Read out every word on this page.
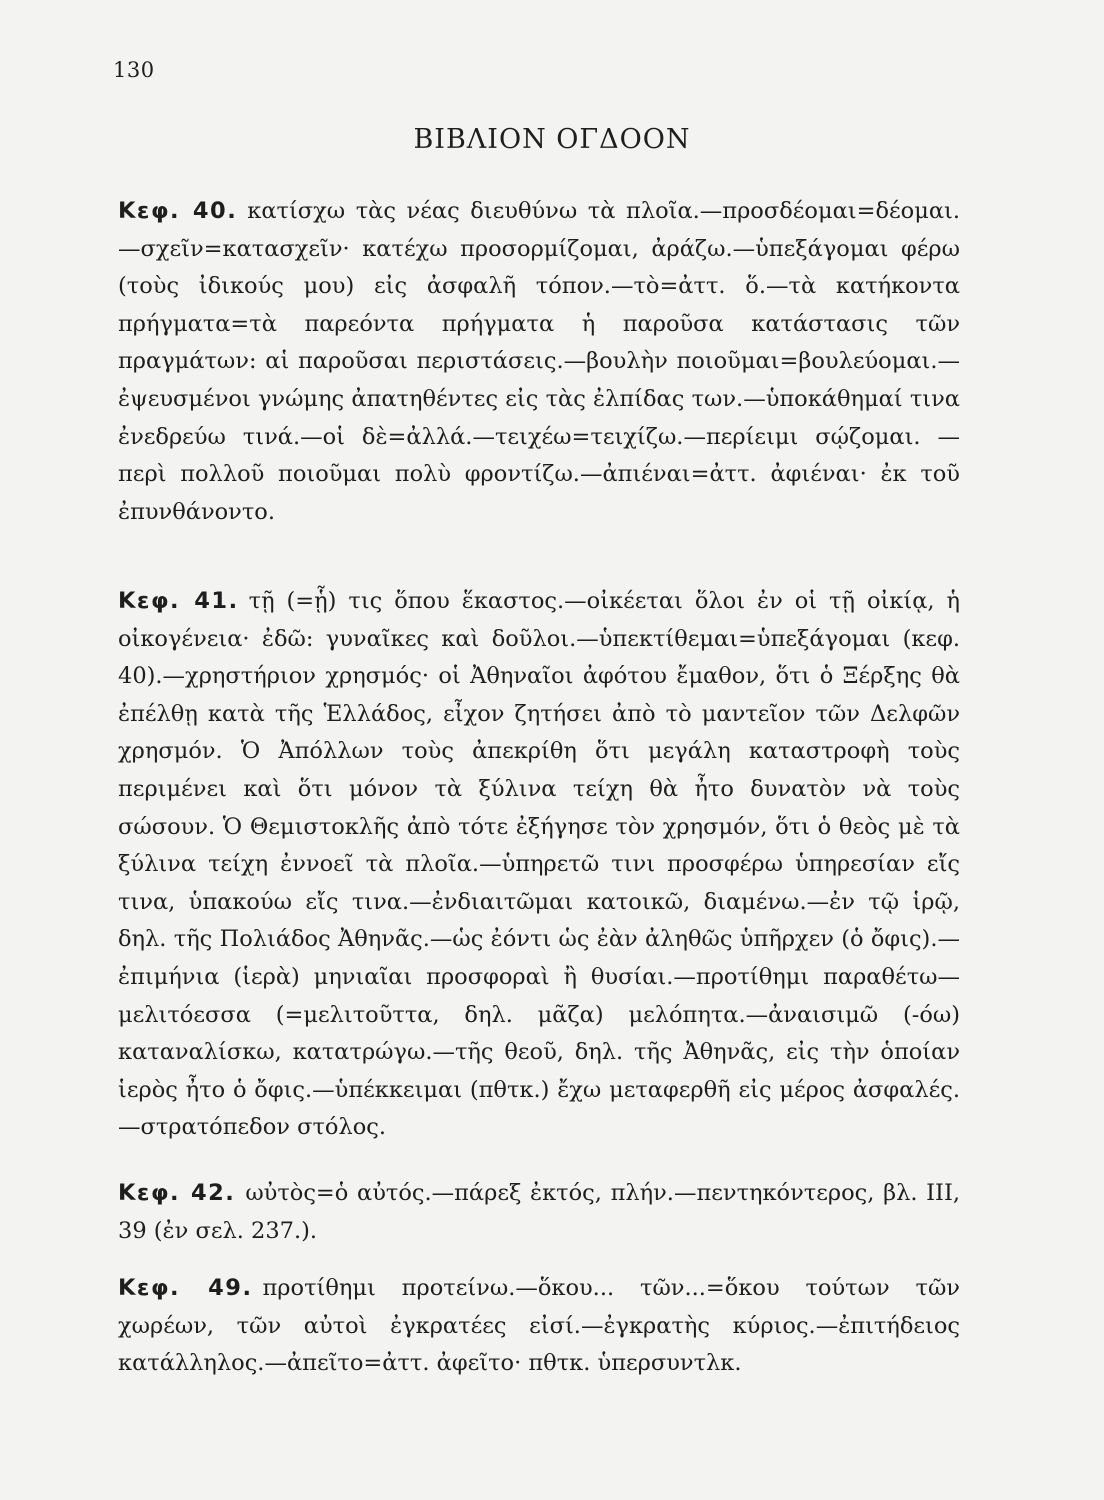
130
ΒΙΒΛΙΟΝ ΟΓΔΟΟΝ
Κεφ. 40. κατίσχω τὰς νέας διευθύνω τὰ πλοῖα.—προσδέομαι=δέομαι.—σχεῖν=κατασχεῖν· κατέχω προσορμίζομαι, ἀράζω.—ὑπεξάγομαι φέρω (τοὺς ἰδικούς μου) εἰς ἀσφαλῆ τόπον.—τὸ=ἀττ. ὅ.—τὰ κατήκοντα πρήγματα=τὰ παρεόντα πρήγματα ἡ παροῦσα κατάστασις τῶν πραγμάτων: αἱ παροῦσαι περιστάσεις.—βουλὴν ποιοῦμαι=βουλεύομαι.—ἐψευσμένοι γνώμης ἀπατηθέντες εἰς τὰς ἐλπίδας των.—ὑποκάθημαί τινα ἐνεδρεύω τινά.—οἱ δὲ=ἀλλά.—τειχέω=τειχίζω.—περίειμι σῴζομαι. — περὶ πολλοῦ ποιοῦμαι πολὺ φροντίζω.—ἀπιέναι=ἀττ. ἀφιέναι· ἐκ τοῦ ἐπυνθάνοντο.
Κεφ. 41. τῇ (=ᾗ) τις ὅπου ἕκαστος.—οἰκέεται ὅλοι ἐν οἱ τῇ οἰκίᾳ, ἡ οἰκογένεια· ἐδῶ: γυναῖκες καὶ δοῦλοι.—ὑπεκτίθεμαι=ὑπεξάγομαι (κεφ. 40).—χρηστήριον χρησμός· οἱ Ἀθηναῖοι ἀφότου ἔμαθον, ὅτι ὁ Ξέρξης θὰ ἐπέλθῃ κατὰ τῆς Ἑλλάδος, εἶχον ζητήσει ἀπὸ τὸ μαντεῖον τῶν Δελφῶν χρησμόν. Ὁ Ἀπόλλων τοὺς ἀπεκρίθη ὅτι μεγάλη καταστροφὴ τοὺς περιμένει καὶ ὅτι μόνον τὰ ξύλινα τείχη θὰ ἦτο δυνατὸν νὰ τοὺς σώσουν. Ὁ Θεμιστοκλῆς ἀπὸ τότε ἐξήγησε τὸν χρησμόν, ὅτι ὁ θεὸς μὲ τὰ ξύλινα τείχη ἐννοεῖ τὰ πλοῖα.—ὑπηρετῶ τινι προσφέρω ὑπηρεσίαν εἴς τινα, ὑπακούω εἴς τινα.—ἐνδιαιτῶμαι κατοικῶ, διαμένω.—ἐν τῷ ἱρῷ, δηλ. τῆς Πολιάδος Ἀθηνᾶς.—ὡς ἐόντι ὡς ἐὰν ἀληθῶς ὑπῆρχεν (ὁ ὄφις).—ἐπιμήνια (ἱερὰ) μηνιαῖαι προσφοραὶ ἢ θυσίαι.—προτίθημι παραθέτω— μελιτόεσσα (=μελιτοῦττα, δηλ. μᾶζα) μελόπητα.—ἀναισιμῶ (-όω) καταναλίσκω, κατατρώγω.—τῆς θεοῦ, δηλ. τῆς Ἀθηνᾶς, εἰς τὴν ὁποίαν ἱερὸς ἦτο ὁ ὄφις.—ὑπέκκειμαι (πθτκ.) ἔχω μεταφερθῆ εἰς μέρος ἀσφαλές.—στρατόπεδον στόλος.
Κεφ. 42. ωὐτὸς=ὁ αὐτός.—πάρεξ ἐκτός, πλήν.—πεντηκόντερος, βλ. III, 39 (ἐν σελ. 237.).
Κεφ. 49. προτίθημι προτείνω.—ὅκου... τῶν...=ὅκου τούτων τῶν χωρέων, τῶν αὐτοὶ ἐγκρατέες εἰσί.—ἐγκρατὴς κύριος.—ἐπιτήδειος κατάλληλος.—ἀπεῖτο=ἀττ. ἀφεῖτο· πθτκ. ὑπερσυντλκ.
